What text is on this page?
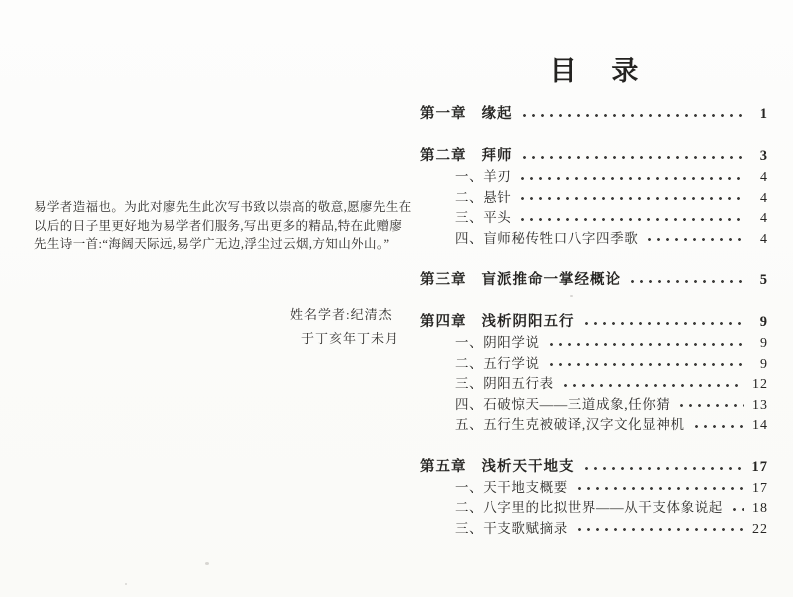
易学者造福也。为此对廖先生此次写书致以崇高的敬意,愿廖先生在
以后的日子里更好地为易学者们服务,写出更多的精品,特在此赠廖
先生诗一首:“海阔天际远,易学广无边,浮尘过云烟,方知山外山。”
姓名学者:纪清杰
于丁亥年丁未月
目 录
第一章 缘起	1
第二章 拜师	3
一、羊刃	4
二、悬针	4
三、平头	4
四、盲师秘传牲口八字四季歌	4
第三章 盲派推命一掌经概论	5
第四章 浅析阴阳五行	9
一、阴阳学说	9
二、五行学说	9
三、阴阳五行表	12
四、石破惊天——三道成象,任你猜	13
五、五行生克被破译,汉字文化显神机	14
第五章 浅析天干地支	17
一、天干地支概要	17
二、八字里的比拟世界——从干支体象说起 18
三、干支歌赋摘录	22
